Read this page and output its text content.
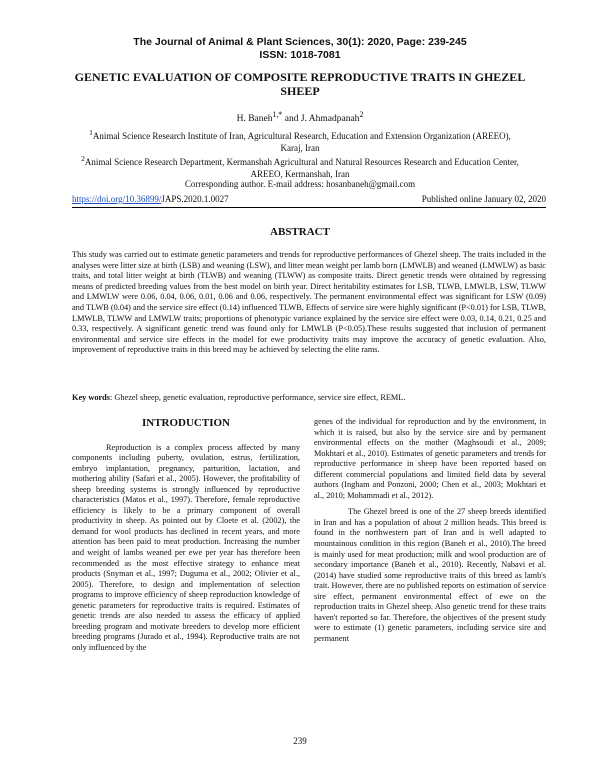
The Journal of Animal & Plant Sciences, 30(1): 2020, Page: 239-245
ISSN: 1018-7081
GENETIC EVALUATION OF COMPOSITE REPRODUCTIVE TRAITS IN GHEZEL SHEEP
H. Baneh$^{1,*}$ and J. Ahmadpanah$^2$
$^1$Animal Science Research Institute of Iran, Agricultural Research, Education and Extension Organization (AREEO), Karaj, Iran
$^2$Animal Science Research Department, Kermanshah Agricultural and Natural Resources Research and Education Center, AREEO, Kermanshah, Iran
Corresponding author. E-mail address: hosanbaneh@gmail.com
https://doi.org/10.36899/JAPS.2020.1.0027	Published online January 02, 2020
ABSTRACT
This study was carried out to estimate genetic parameters and trends for reproductive performances of Ghezel sheep. The traits included in the analyses were litter size at birth (LSB) and weaning (LSW), and litter mean weight per lamb born (LMWLB) and weaned (LMWLW) as basic traits, and total litter weight at birth (TLWB) and weaning (TLWW) as composite traits. Direct genetic trends were obtained by regressing means of predicted breeding values from the best model on birth year. Direct heritability estimates for LSB, TLWB, LMWLB, LSW, TLWW and LMWLW were 0.06, 0.04, 0.06, 0.01, 0.06 and 0.06, respectively. The permanent environmental effect was significant for LSW (0.09) and TLWB (0.04) and the service sire effect (0.14) influenced TLWB. Effects of service sire were highly significant (P<0.01) for LSB, TLWB, LMWLB, TLWW and LMWLW traits; proportions of phenotypic variance explained by the service sire effect were 0.03, 0.14, 0.21, 0.25 and 0.33, respectively. A significant genetic trend was found only for LMWLB (P<0.05).These results suggested that inclusion of permanent environmental and service sire effects in the model for ewe productivity traits may improve the accuracy of genetic evaluation. Also, improvement of reproductive traits in this breed may be achieved by selecting the elite rams.
Key words: Ghezel sheep, genetic evaluation, reproductive performance, service sire effect, REML.
INTRODUCTION

Reproduction is a complex process affected by many components including puberty, ovulation, estrus, fertilization, embryo implantation, pregnancy, parturition, lactation, and mothering ability (Safari et al., 2005). However, the profitability of sheep breeding systems is strongly influenced by reproductive characteristics (Matos et al., 1997). Therefore, female reproductive efficiency is likely to be a primary component of overall productivity in sheep. As pointed out by Cloete et al. (2002), the demand for wool products has declined in recent years, and more attention has been paid to meat production. Increasing the number and weight of lambs weaned per ewe per year has therefore been recommended as the most effective strategy to enhance meat products (Snyman et al., 1997; Duguma et al., 2002; Olivier et al., 2005). Therefore, to design and implementation of selection programs to improve efficiency of sheep reproduction knowledge of genetic parameters for reproductive traits is required. Estimates of genetic trends are also needed to assess the efficacy of applied breeding program and motivate breeders to develop more efficient breeding programs (Jurado et al., 1994). Reproductive traits are not only influenced by the

genes of the individual for reproduction and by the environment, in which it is raised, but also by the service sire and by permanent environmental effects on the mother (Maghsoudi et al., 2009; Mokhtari et al., 2010). Estimates of genetic parameters and trends for reproductive performance in sheep have been reported based on different commercial populations and limited field data by several authors (Ingham and Ponzoni, 2000; Chen et al., 2003; Mokhtari et al., 2010; Mohammadi et al., 2012).

The Ghezel breed is one of the 27 sheep breeds identified in Iran and has a population of about 2 million heads. This breed is found in the northwestern part of Iran and is well adapted to mountainous condition in this region (Baneh et al., 2010).The breed is mainly used for meat production; milk and wool production are of secondary importance (Baneh et al., 2010). Recently, Nabavi et al. (2014) have studied some reproductive traits of this breed as lamb's trait. However, there are no published reports on estimation of service sire effect, permanent environmental effect of ewe on the reproduction traits in Ghezel sheep. Also genetic trend for these traits haven't reported so far. Therefore, the objectives of the present study were to estimate (1) genetic parameters, including service sire and permanent

239
